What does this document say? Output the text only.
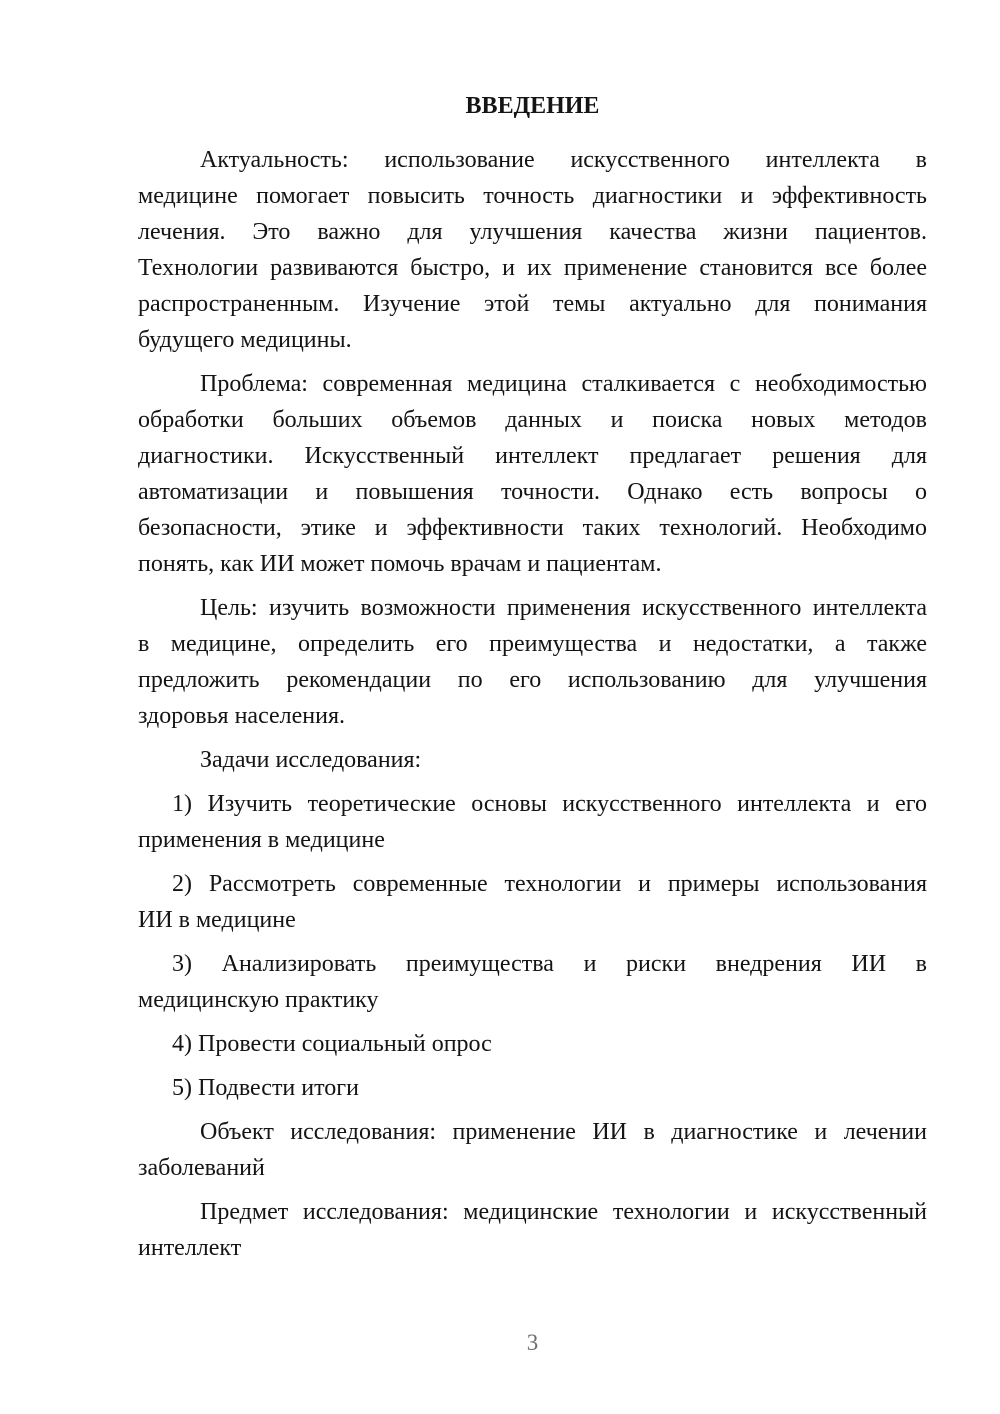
ВВЕДЕНИЕ
Актуальность: использование искусственного интеллекта в
медицине помогает повысить точность диагностики и эффективность
лечения. Это важно для улучшения качества жизни пациентов.
Технологии развиваются быстро, и их применение становится все более
распространенным. Изучение этой темы актуально для понимания
будущего медицины.
Проблема: современная медицина сталкивается с необходимостью
обработки больших объемов данных и поиска новых методов
диагностики. Искусственный интеллект предлагает решения для
автоматизации и повышения точности. Однако есть вопросы о
безопасности, этике и эффективности таких технологий. Необходимо
понять, как ИИ может помочь врачам и пациентам.
Цель: изучить возможности применения искусственного интеллекта
в медицине, определить его преимущества и недостатки, а также
предложить рекомендации по его использованию для улучшения
здоровья населения.
Задачи исследования:
1) Изучить теоретические основы искусственного интеллекта и его
применения в медицине
2) Рассмотреть современные технологии и примеры использования
ИИ в медицине
3) Анализировать преимущества и риски внедрения ИИ в
медицинскую практику
4) Провести социальный опрос
5) Подвести итоги
Объект исследования: применение ИИ в диагностике и лечении
заболеваний
Предмет исследования: медицинские технологии и искусственный
интеллект
3
